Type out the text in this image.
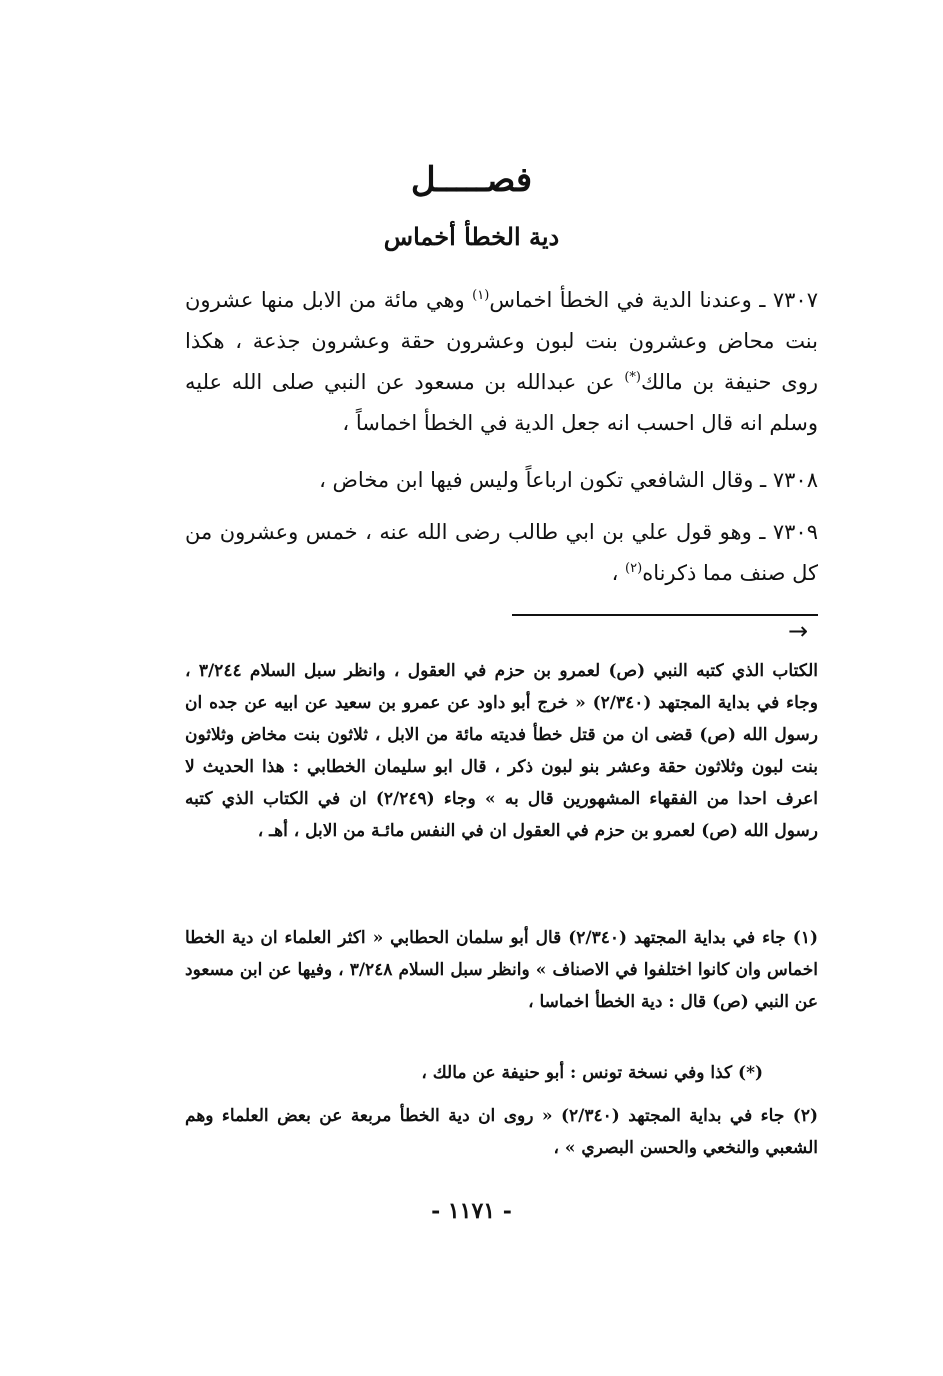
فصـــــل
دية الخطأ أخماس
٧٣٠٧ ـ وعندنا الدية في الخطأ اخماس$^{(١)}$ وهي مائة من الابل منها عشرون بنت محاض وعشرون بنت لبون وعشرون حقة وعشرون جذعة ، هكذا روى حنيفة بن مالك(*) عن عبدالله بن مسعود عن النبي صلى الله عليه وسلم انه قال احسب انه جعل الدية في الخطأ اخماساً ،
٧٣٠٨ ـ وقال الشافعي تكون ارباعاً وليس فيها ابن مخاض ،
٧٣٠٩ ـ وهو قول علي بن ابي طالب رضى الله عنه ، خمس وعشرون من كل صنف مما ذكرناه$^{(٢)}$ ،
→
الكتاب الذي كتبه النبي (ص) لعمرو بن حزم في العقول ، وانظر سبل السلام ٣/٢٤٤ ، وجاء في بداية المجتهد (٢/٣٤٠) « خرج أبو داود عن عمرو بن سعيد عن ابيه عن جده ان رسول الله (ص) قضى ان من قتل خطأ فديته مائة من الابل ، ثلاثون بنت مخاض وثلاثون بنت لبون وثلاثون حقة وعشر بنو لبون ذكر ، قال ابو سليمان الخطابي : هذا الحديث لا اعرف احدا من الفقهاء المشهورين قال به » وجاء (٢/٢٤٩) ان في الكتاب الذي كتبه رسول الله (ص) لعمرو بن حزم في العقول ان في النفس مائـة من الابل ، أهـ ،
(١) جاء في بداية المجتهد (٢/٣٤٠) قال أبو سلمان الحطابي « اكثر العلماء ان دية الخطا اخماس وان كانوا اختلفوا في الاصناف » وانظر سبل السلام ٣/٢٤٨ ، وفيها عن ابن مسعود عن النبي (ص) قال : دية الخطأ اخماسا ،
(*) كذا وفي نسخة تونس : أبو حنيفة عن مالك ،
(٢) جاء في بداية المجتهد (٢/٣٤٠) « روى ان دية الخطأ مربعة عن بعض العلماء وهم الشعبي والنخعي والحسن البصري » ،
- ١١٧١ -
